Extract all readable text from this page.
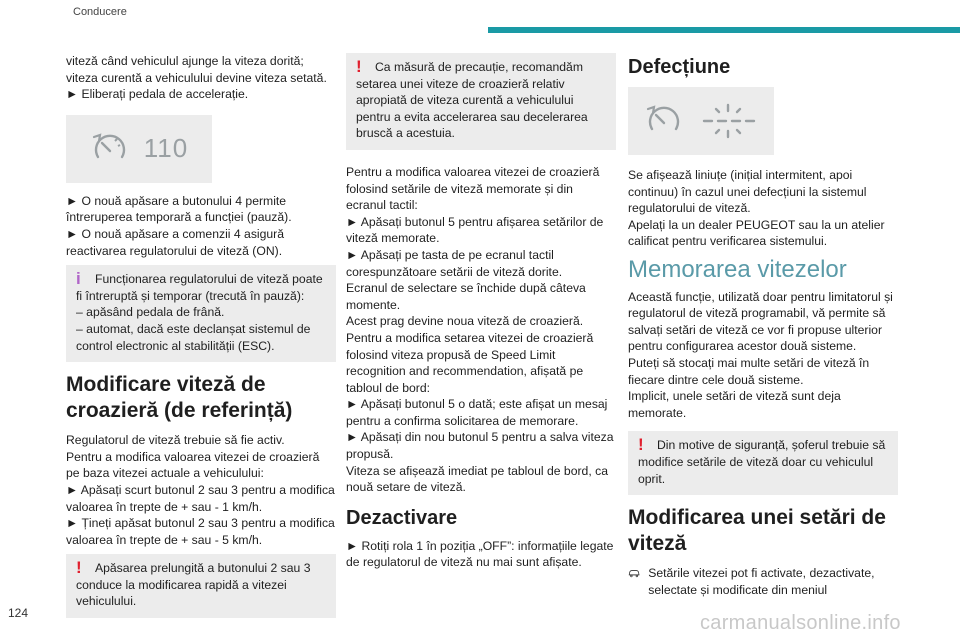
Conducere

viteză când vehiculul ajunge la viteza dorită; viteza curentă a vehiculului devine viteza setată.

► Eliberați pedala de accelerație.

110

► O nouă apăsare a butonului 4 permite întreruperea temporară a funcției (pauză).

► O nouă apăsare a comenzii 4 asigură reactivarea regulatorului de viteză (ON).

i	Funcționarea regulatorului de viteză poate fi întreruptă și temporar (trecută în pauză):

– apăsând pedala de frână.

– automat, dacă este declanșat sistemul de control electronic al stabilității (ESC).

Modificare viteză de croazieră (de referință)

Regulatorul de viteză trebuie să fie activ.

Pentru a modifica valoarea vitezei de croazieră pe baza vitezei actuale a vehiculului:

► Apăsați scurt butonul 2 sau 3 pentru a modifica valoarea în trepte de + sau - 1 km/h.

► Țineți apăsat butonul 2 sau 3 pentru a modifica valoarea în trepte de + sau - 5 km/h.

!	Apăsarea prelungită a butonului 2 sau 3 conduce la modificarea rapidă a vitezei vehiculului.

!	Ca măsură de precauție, recomandăm setarea unei viteze de croazieră relativ apropiată de viteza curentă a vehiculului pentru a evita accelerarea sau decelerarea bruscă a acestuia.

Pentru a modifica valoarea vitezei de croazieră folosind setările de viteză memorate și din ecranul tactil:

► Apăsați butonul 5 pentru afișarea setărilor de viteză memorate.

► Apăsați pe tasta de pe ecranul tactil corespunzătoare setării de viteză dorite.

Ecranul de selectare se închide după câteva momente.

Acest prag devine noua viteză de croazieră.

Pentru a modifica setarea vitezei de croazieră folosind viteza propusă de Speed Limit recognition and recommendation, afișată pe tabloul de bord:

► Apăsați butonul 5 o dată; este afișat un mesaj pentru a confirma solicitarea de memorare.

► Apăsați din nou butonul 5 pentru a salva viteza propusă.

Viteza se afișează imediat pe tabloul de bord, ca nouă setare de viteză.

Dezactivare

► Rotiți rola 1 în poziția „OFF”: informațiile legate de regulatorul de viteză nu mai sunt afișate.

Defecțiune

Se afișează liniuțe (inițial intermitent, apoi continuu) în cazul unei defecțiuni la sistemul regulatorului de viteză.

Apelați la un dealer PEUGEOT sau la un atelier calificat pentru verificarea sistemului.

Memorarea vitezelor

Această funcție, utilizată doar pentru limitatorul și regulatorul de viteză programabil, vă permite să salvați setări de viteză ce vor fi propuse ulterior pentru configurarea acestor două sisteme.

Puteți să stocați mai multe setări de viteză în fiecare dintre cele două sisteme.

Implicit, unele setări de viteză sunt deja memorate.

!	Din motive de siguranță, șoferul trebuie să modifice setările de viteză doar cu vehiculul oprit.

Modificarea unei setări de viteză

Setările vitezei pot fi activate, dezactivate, selectate și modificate din meniul

124	carmanualsonline.info
